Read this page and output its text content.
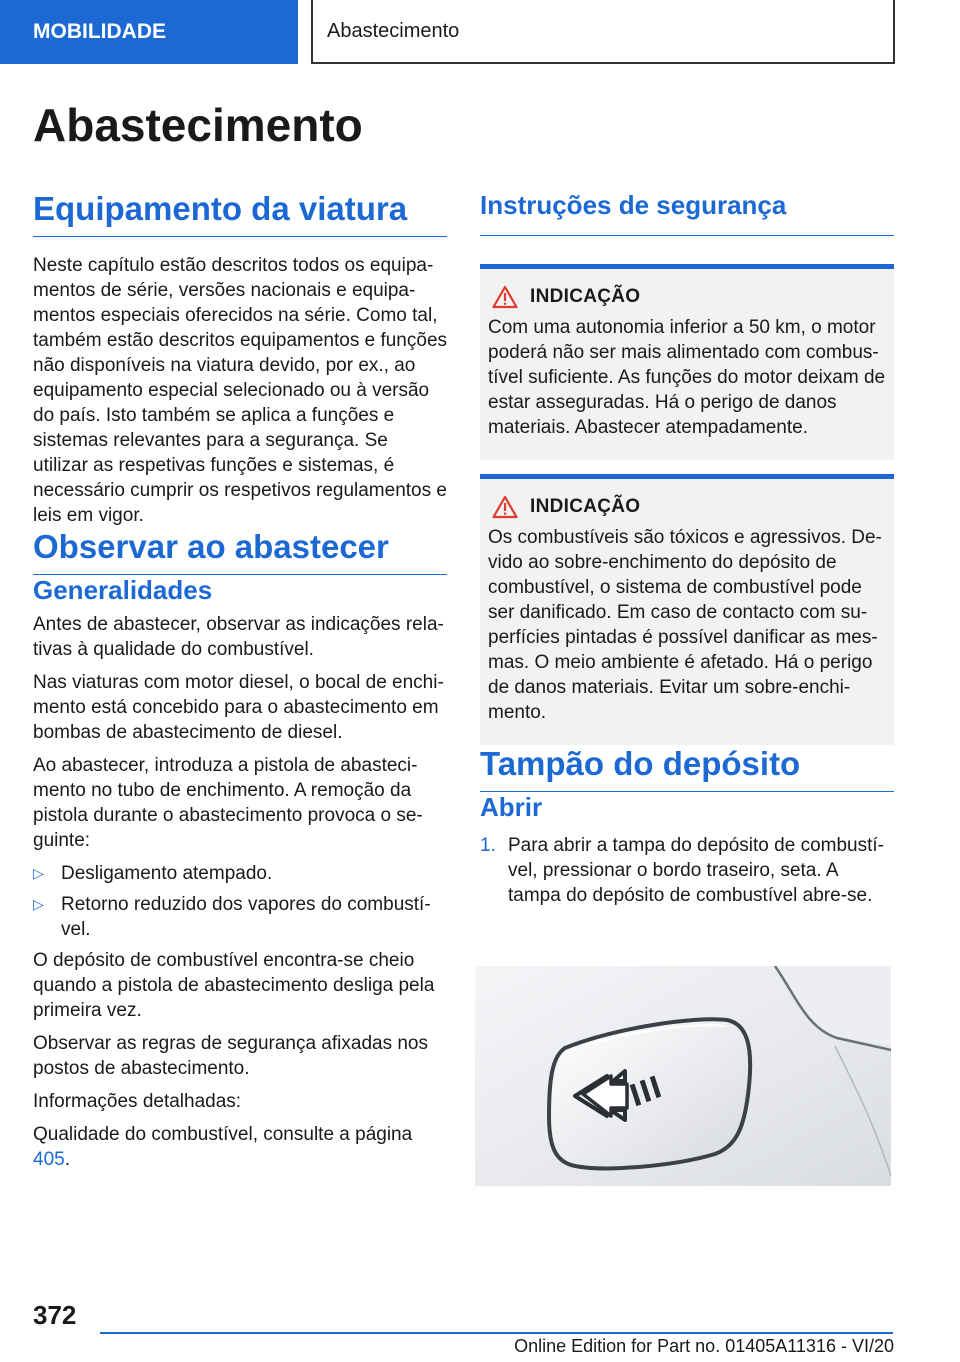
MOBILIDADE	Abastecimento
Abastecimento
Equipamento da viatura

Neste capítulo estão descritos todos os equipamentos de série, versões nacionais e equipamentos especiais oferecidos na série. Como tal, também estão descritos equipamentos e funções não disponíveis na viatura devido, por ex., ao equipamento especial selecionado ou à versão do país. Isto também se aplica a funções e sistemas relevantes para a segurança. Se utilizar as respetivas funções e sistemas, é necessário cumprir os respetivos regulamentos e leis em vigor.

Observar ao abastecer
Generalidades

Antes de abastecer, observar as indicações relativas à qualidade do combustível.

Nas viaturas com motor diesel, o bocal de enchimento está concebido para o abastecimento em bombas de abastecimento de diesel.

Ao abastecer, introduza a pistola de abastecimento no tubo de enchimento. A remoção da pistola durante o abastecimento provoca o seguinte:

▷ Desligamento atempado.
▷ Retorno reduzido dos vapores do combustível.

O depósito de combustível encontra-se cheio quando a pistola de abastecimento desliga pela primeira vez.

Observar as regras de segurança afixadas nos postos de abastecimento.

Informações detalhadas:

Qualidade do combustível, consulte a página 405.

Instruções de segurança
INDICAÇÃO

Com uma autonomia inferior a 50 km, o motor poderá não ser mais alimentado com combustível suficiente. As funções do motor deixam de estar asseguradas. Há o perigo de danos materiais. Abastecer atempadamente.

INDICAÇÃO

Os combustíveis são tóxicos e agressivos. Devido ao sobre-enchimento do depósito de combustível, o sistema de combustível pode ser danificado. Em caso de contacto com superfícies pintadas é possível danificar as mesmas. O meio ambiente é afetado. Há o perigo de danos materiais. Evitar um sobre-enchimento.

Tampão do depósito
Abrir
1. Para abrir a tampa do depósito de combustível, pressionar o bordo traseiro, seta. A tampa do depósito de combustível abre-se.
372
Online Edition for Part no. 01405A11316 - VI/20
